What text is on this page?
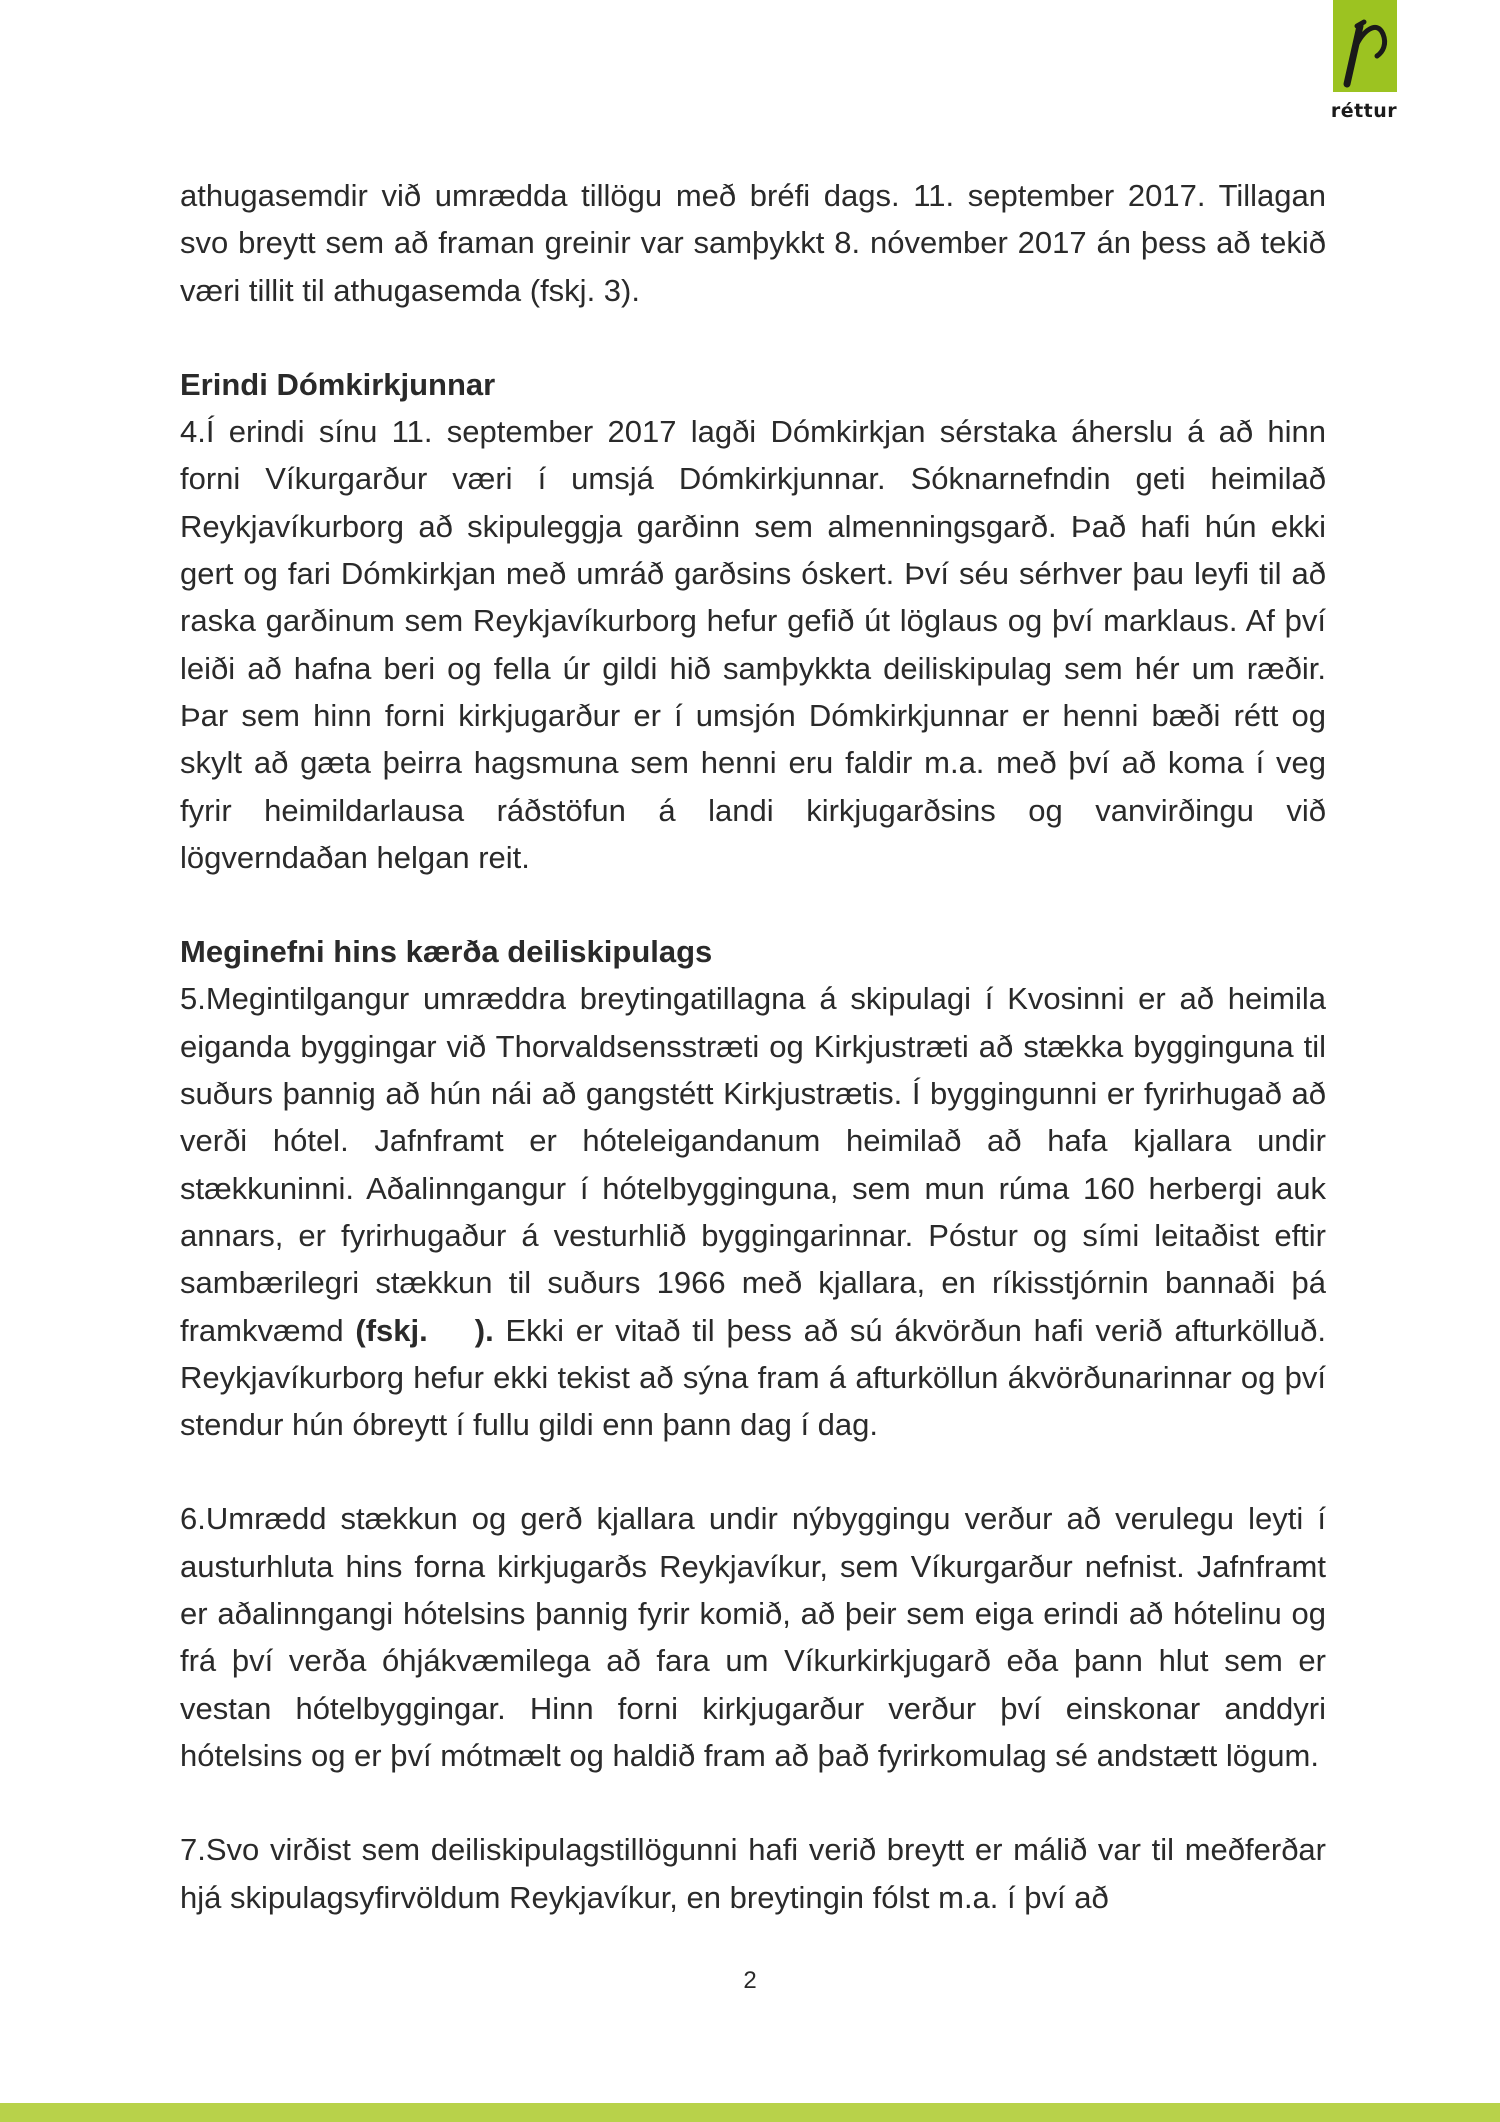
réttur

athugasemdir við umrædda tillögu með bréfi dags. 11. september 2017. Tillagan svo breytt sem að framan greinir var samþykkt 8. nóvember 2017 án þess að tekið væri tillit til athugasemda (fskj. 3).

Erindi Dómkirkjunnar

4.Í erindi sínu 11. september 2017 lagði Dómkirkjan sérstaka áherslu á að hinn forni Víkurgarður væri í umsjá Dómkirkjunnar. Sóknarnefndin geti heimilað Reykjavíkurborg að skipuleggja garðinn sem almenningsgarð. Það hafi hún ekki gert og fari Dómkirkjan með umráð garðsins óskert. Því séu sérhver þau leyfi til að raska garðinum sem Reykjavíkurborg hefur gefið út löglaus og því marklaus. Af því leiði að hafna beri og fella úr gildi hið samþykkta deiliskipulag sem hér um ræðir. Þar sem hinn forni kirkjugarður er í umsjón Dómkirkjunnar er henni bæði rétt og skylt að gæta þeirra hagsmuna sem henni eru faldir m.a. með því að koma í veg fyrir heimildarlausa ráðstöfun á landi kirkjugarðsins og vanvirðingu við lögverndaðan helgan reit.

Meginefni hins kærða deiliskipulags

5.Megintilgangur umræddra breytingatillagna á skipulagi í Kvosinni er að heimila eiganda byggingar við Thorvaldsensstræti og Kirkjustræti að stækka bygginguna til suðurs þannig að hún nái að gangstétt Kirkjustrætis. Í byggingunni er fyrirhugað að verði hótel. Jafnframt er hóteleigandanum heimilað að hafa kjallara undir stækkuninni. Aðalinngangur í hótelbygginguna, sem mun rúma 160 herbergi auk annars, er fyrirhugaður á vesturhlið byggingarinnar. Póstur og sími leitaðist eftir sambærilegri stækkun til suðurs 1966 með kjallara, en ríkisstjórnin bannaði þá framkvæmd (fskj.    ). Ekki er vitað til þess að sú ákvörðun hafi verið afturkölluð. Reykjavíkurborg hefur ekki tekist að sýna fram á afturköllun ákvörðunarinnar og því stendur hún óbreytt í fullu gildi enn þann dag í dag.

6.Umrædd stækkun og gerð kjallara undir nýbyggingu verður að verulegu leyti í austurhluta hins forna kirkjugarðs Reykjavíkur, sem Víkurgarður nefnist. Jafnframt er aðalinngangi hótelsins þannig fyrir komið, að þeir sem eiga erindi að hótelinu og frá því verða óhjákvæmilega að fara um Víkurkirkjugarð eða þann hlut sem er vestan hótelbyggingar. Hinn forni kirkjugarður verður því einskonar anddyri hótelsins og er því mótmælt og haldið fram að það fyrirkomulag sé andstætt lögum.

7.Svo virðist sem deiliskipulagstillögunni hafi verið breytt er málið var til meðferðar hjá skipulagsyfirvöldum Reykjavíkur, en breytingin fólst m.a. í því að

2
